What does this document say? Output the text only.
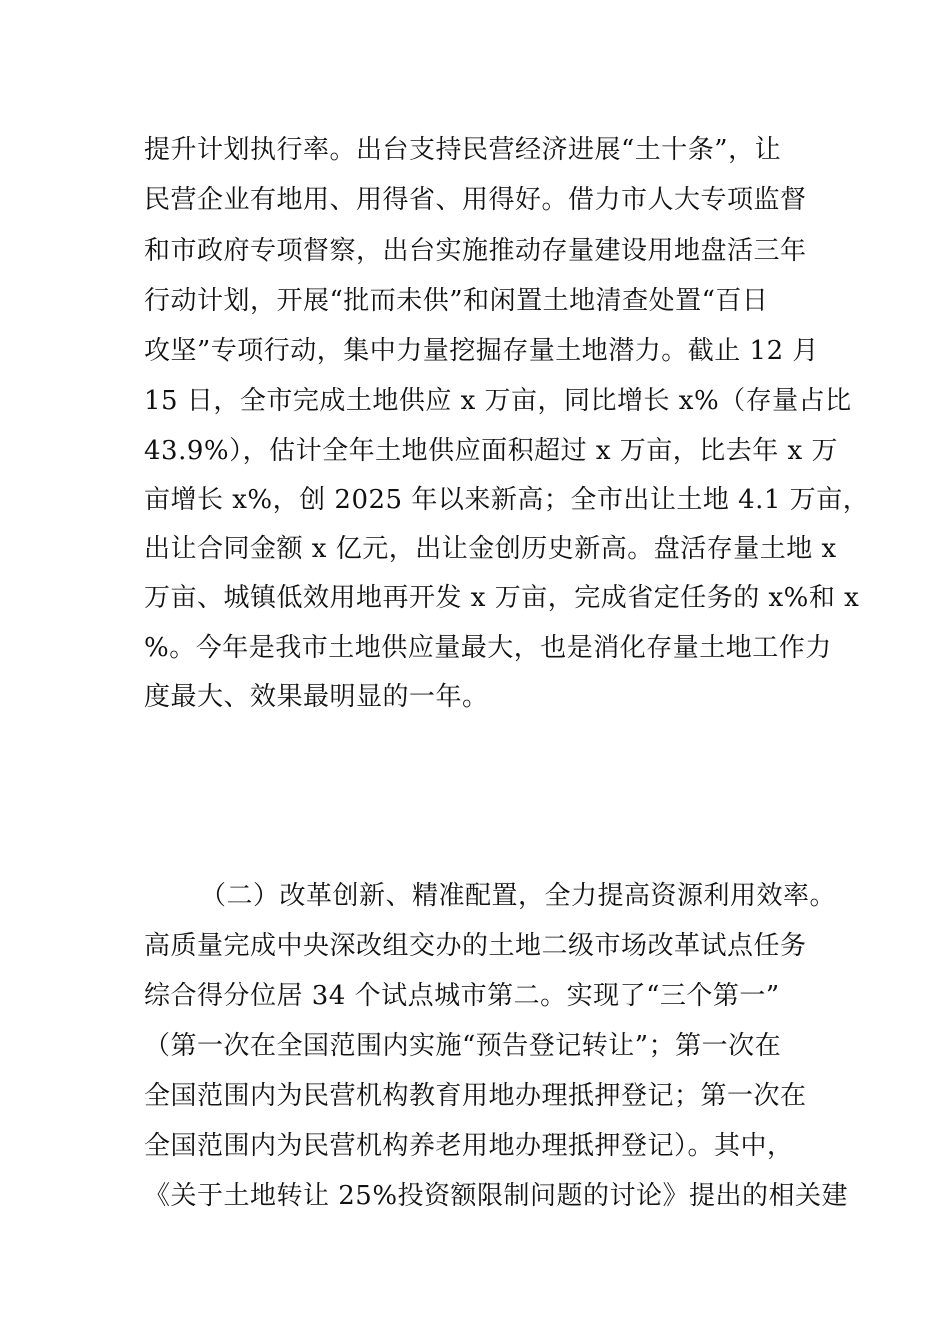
提升计划执行率。出台支持民营经济进展“土十条”，让
民营企业有地用、用得省、用得好。借力市人大专项监督
和市政府专项督察，出台实施推动存量建设用地盘活三年
行动计划，开展“批而未供”和闲置土地清查处置“百日
攻坚”专项行动，集中力量挖掘存量土地潜力。截止 12 月
15 日，全市完成土地供应 x 万亩，同比增长 x%（存量占比
43.9%），估计全年土地供应面积超过 x 万亩，比去年 x 万
亩增长 x%，创 2025 年以来新高；全市出让土地 4.1 万亩，
出让合同金额 x 亿元，出让金创历史新高。盘活存量土地 x
万亩、城镇低效用地再开发 x 万亩，完成省定任务的 x%和 x
%。今年是我市土地供应量最大，也是消化存量土地工作力
度最大、效果最明显的一年。
（二）改革创新、精准配置，全力提高资源利用效率。
高质量完成中央深改组交办的土地二级市场改革试点任务
综合得分位居 34 个试点城市第二。实现了“三个第一”
（第一次在全国范围内实施“预告登记转让”；第一次在
全国范围内为民营机构教育用地办理抵押登记；第一次在
全国范围内为民营机构养老用地办理抵押登记）。其中，
《关于土地转让 25%投资额限制问题的讨论》提出的相关建
